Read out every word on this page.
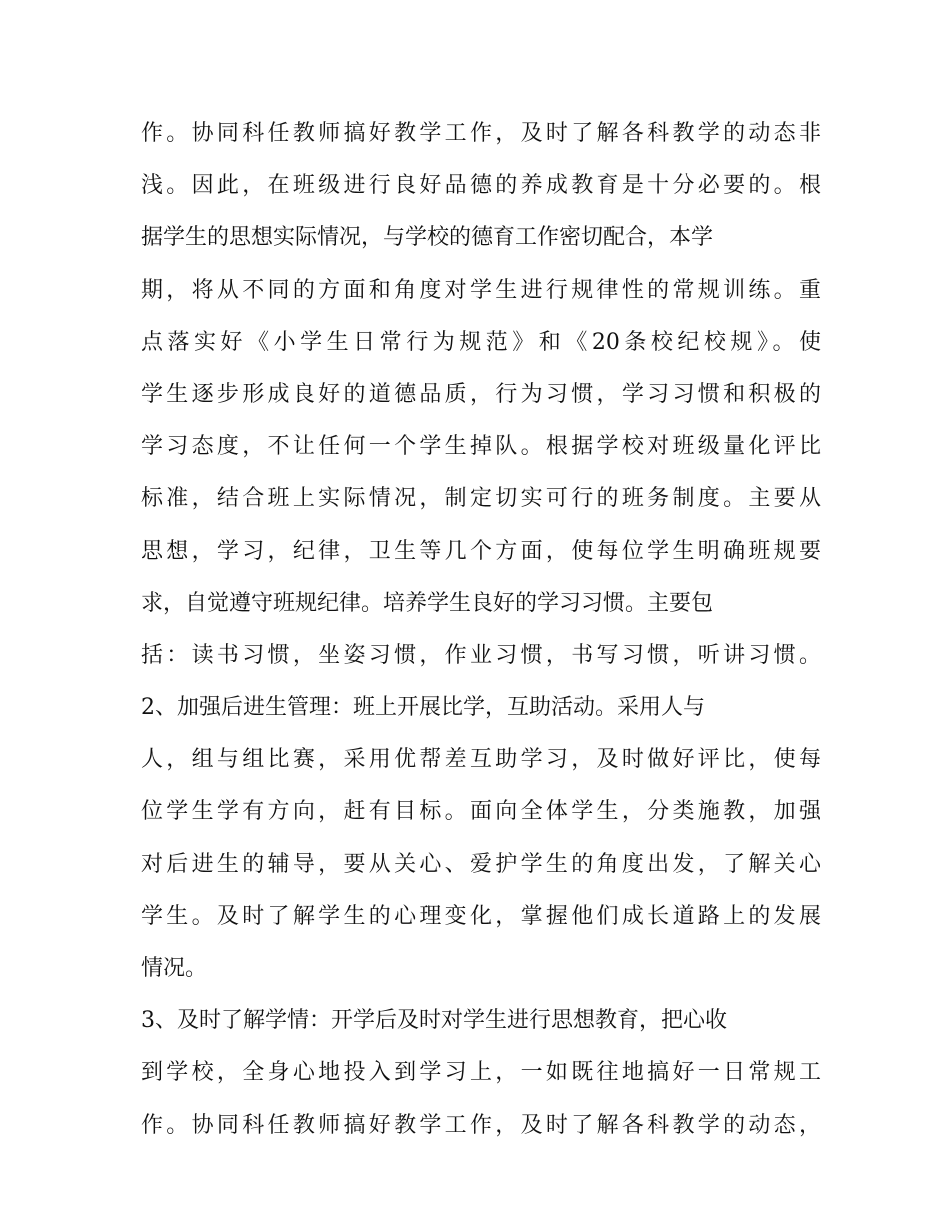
作。协同科任教师搞好教学工作，及时了解各科教学的动态非
浅。因此，在班级进行良好品德的养成教育是十分必要的。根
据学生的思想实际情况，与学校的德育工作密切配合，本学
期，将从不同的方面和角度对学生进行规律性的常规训练。重
点落实好《小学生日常行为规范》和《20条校纪校规》。使
学生逐步形成良好的道德品质，行为习惯，学习习惯和积极的
学习态度，不让任何一个学生掉队。根据学校对班级量化评比
标准，结合班上实际情况，制定切实可行的班务制度。主要从
思想，学习，纪律，卫生等几个方面，使每位学生明确班规要
求，自觉遵守班规纪律。培养学生良好的学习习惯。主要包
括：读书习惯，坐姿习惯，作业习惯，书写习惯，听讲习惯。
2、加强后进生管理：班上开展比学，互助活动。采用人与
人，组与组比赛，采用优帮差互助学习，及时做好评比，使每
位学生学有方向，赶有目标。面向全体学生，分类施教，加强
对后进生的辅导，要从关心、爱护学生的角度出发，了解关心
学生。及时了解学生的心理变化，掌握他们成长道路上的发展
情况。
3、及时了解学情：开学后及时对学生进行思想教育，把心收
到学校，全身心地投入到学习上，一如既往地搞好一日常规工
作。协同科任教师搞好教学工作，及时了解各科教学的动态，
